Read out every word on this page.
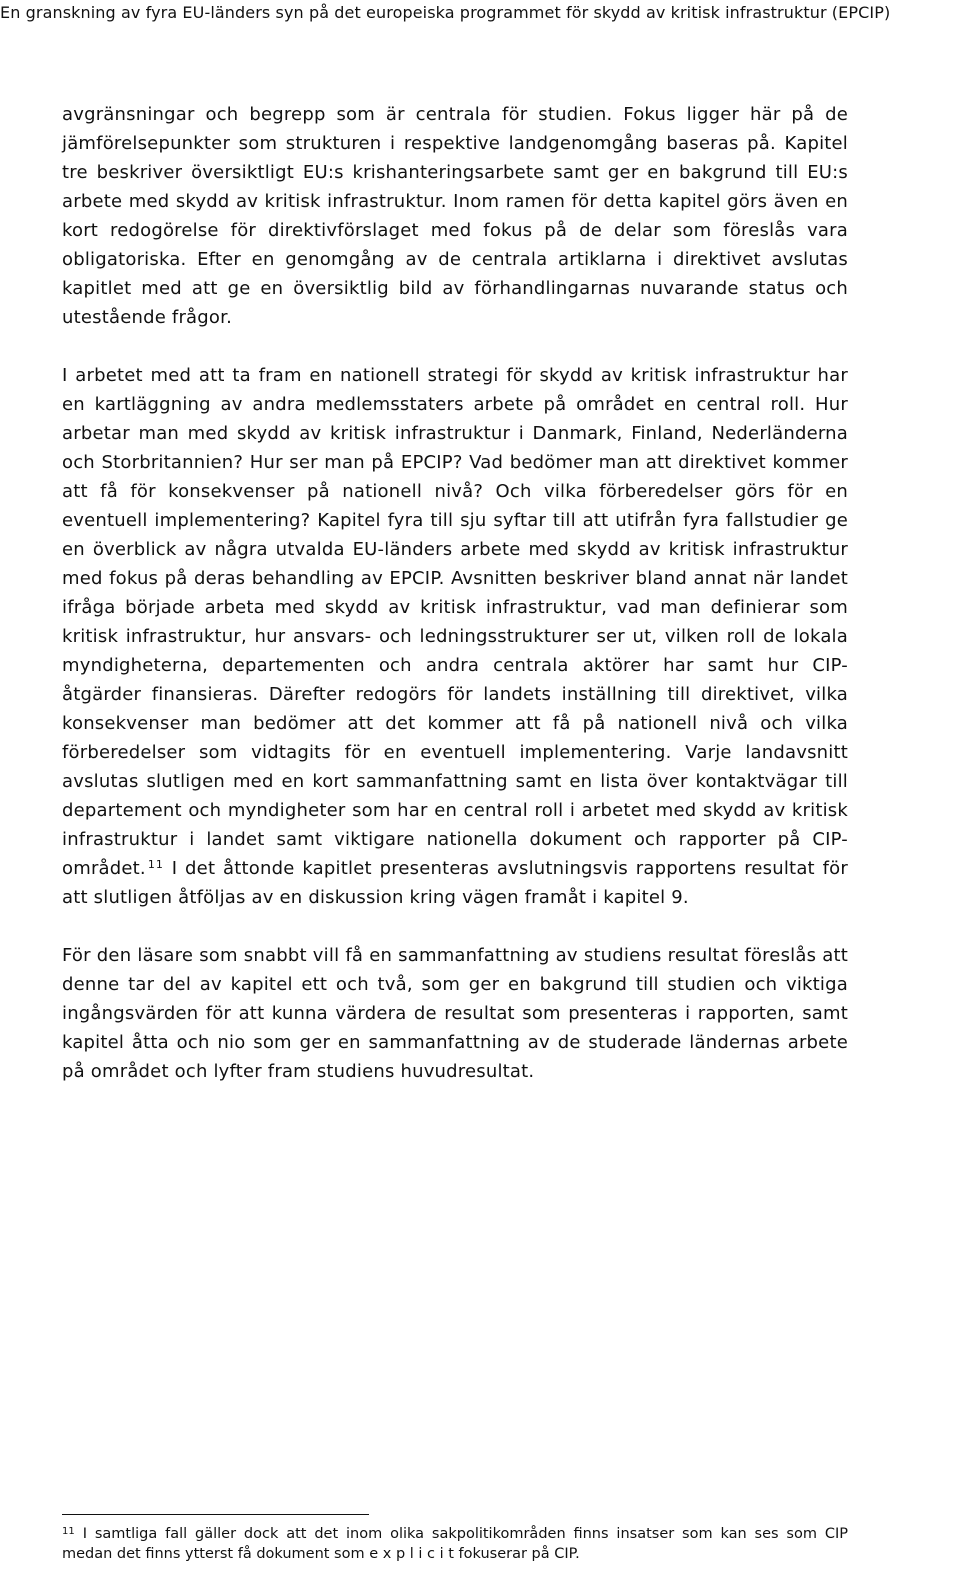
En granskning av fyra EU-länders syn på det europeiska programmet för skydd av kritisk infrastruktur (EPCIP)

avgränsningar och begrepp som är centrala för studien. Fokus ligger här på de jämförelsepunkter som strukturen i respektive landgenomgång baseras på. Kapitel tre beskriver översiktligt EU:s krishanteringsarbete samt ger en bakgrund till EU:s arbete med skydd av kritisk infrastruktur. Inom ramen för detta kapitel görs även en kort redogörelse för direktivförslaget med fokus på de delar som föreslås vara obligatoriska. Efter en genomgång av de centrala artiklarna i direktivet avslutas kapitlet med att ge en översiktlig bild av förhandlingarnas nuvarande status och utestående frågor.

I arbetet med att ta fram en nationell strategi för skydd av kritisk infrastruktur har en kartläggning av andra medlemsstaters arbete på området en central roll. Hur arbetar man med skydd av kritisk infrastruktur i Danmark, Finland, Nederländerna och Storbritannien? Hur ser man på EPCIP? Vad bedömer man att direktivet kommer att få för konsekvenser på nationell nivå? Och vilka förberedelser görs för en eventuell implementering? Kapitel fyra till sju syftar till att utifrån fyra fallstudier ge en överblick av några utvalda EU-länders arbete med skydd av kritisk infrastruktur med fokus på deras behandling av EPCIP. Avsnitten beskriver bland annat när landet ifråga började arbeta med skydd av kritisk infrastruktur, vad man definierar som kritisk infrastruktur, hur ansvars- och ledningsstrukturer ser ut, vilken roll de lokala myndigheterna, departementen och andra centrala aktörer har samt hur CIP-åtgärder finansieras. Därefter redogörs för landets inställning till direktivet, vilka konsekvenser man bedömer att det kommer att få på nationell nivå och vilka förberedelser som vidtagits för en eventuell implementering. Varje landavsnitt avslutas slutligen med en kort sammanfattning samt en lista över kontaktvägar till departement och myndigheter som har en central roll i arbetet med skydd av kritisk infrastruktur i landet samt viktigare nationella dokument och rapporter på CIP-området. $^{11}$ I det åttonde kapitlet presenteras avslutningsvis rapportens resultat för att slutligen åtföljas av en diskussion kring vägen framåt i kapitel 9.

För den läsare som snabbt vill få en sammanfattning av studiens resultat föreslås att denne tar del av kapitel ett och två, som ger en bakgrund till studien och viktiga ingångsvärden för att kunna värdera de resultat som presenteras i rapporten, samt kapitel åtta och nio som ger en sammanfattning av de studerade ländernas arbete på området och lyfter fram studiens huvudresultat.

$^{11}$ I samtliga fall gäller dock att det inom olika sakpolitikområden finns insatser som kan ses som CIP medan det finns ytterst få dokument som e x p l i c i t fokuserar på CIP.
